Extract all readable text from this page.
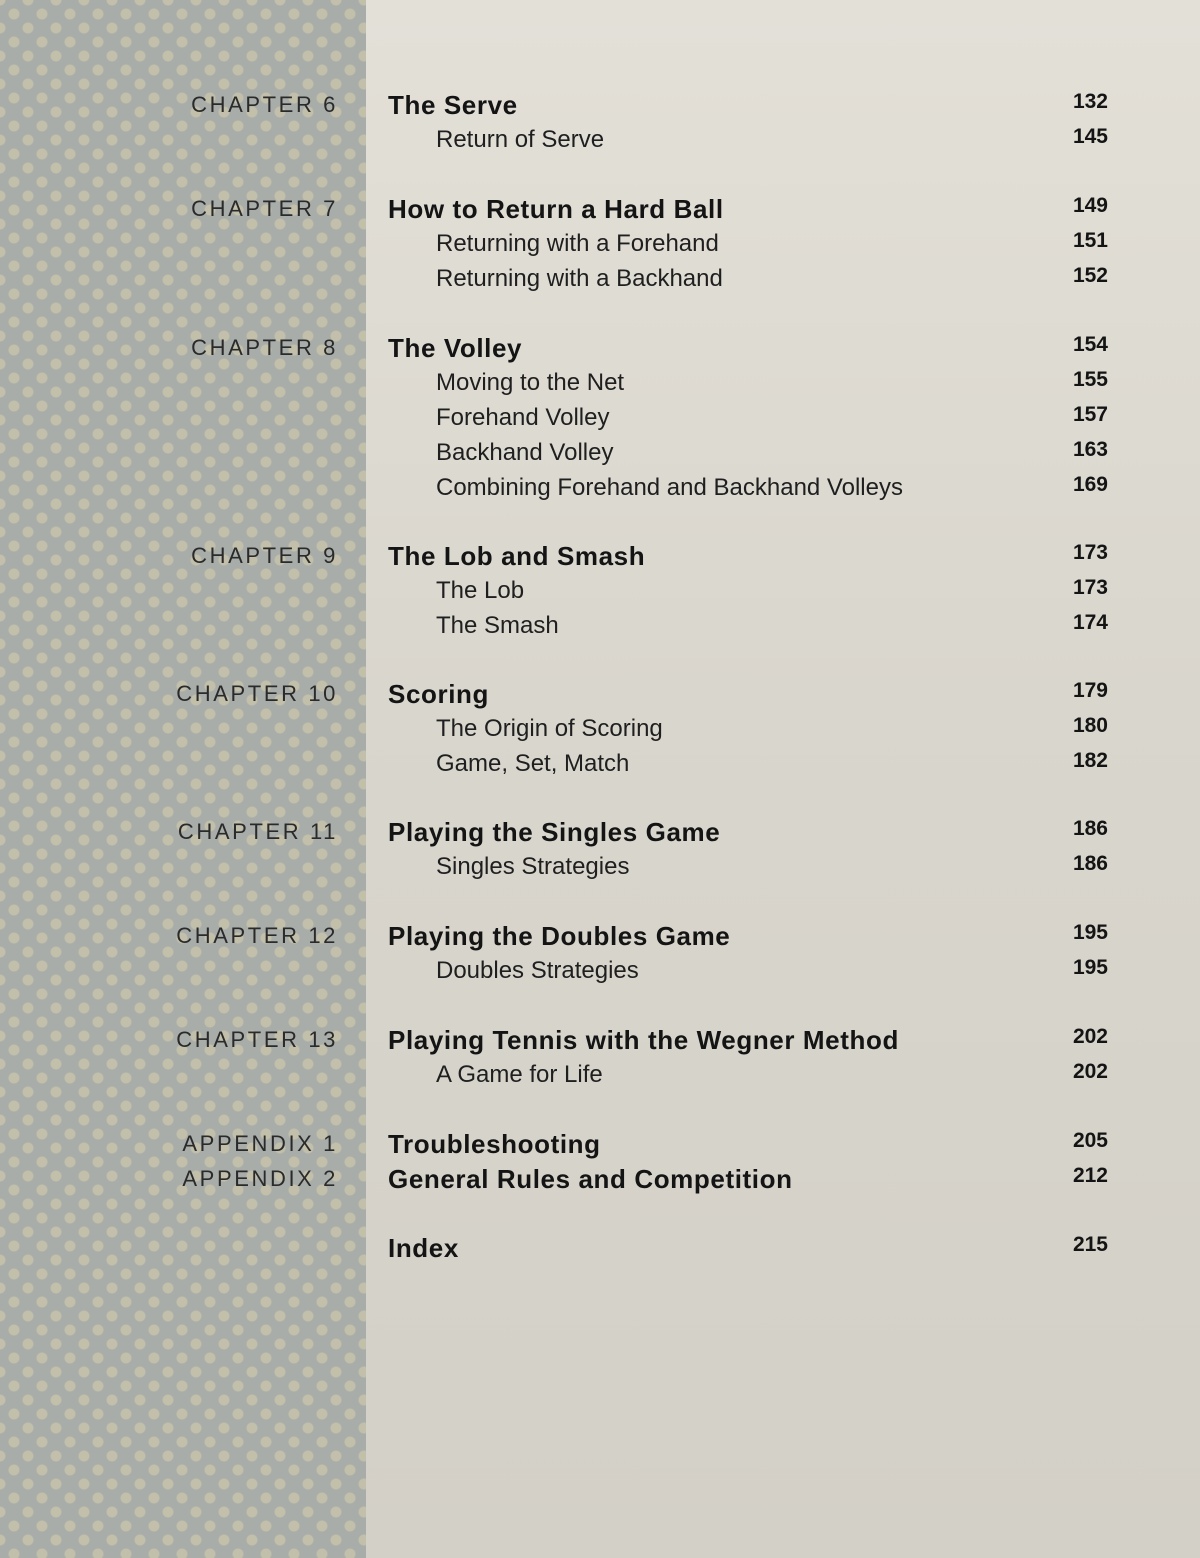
CHAPTER 6 The Serve	132
Return of Serve	145
CHAPTER 7 How to Return a Hard Ball	149
Returning with a Forehand	151
Returning with a Backhand	152
CHAPTER 8 The Volley	154
Moving to the Net	155
Forehand Volley	157
Backhand Volley	163
Combining Forehand and Backhand Volleys	169
CHAPTER 9 The Lob and Smash	173
The Lob	173
The Smash	174
CHAPTER 10 Scoring	179
The Origin of Scoring	180
Game, Set, Match	182
CHAPTER 11 Playing the Singles Game	186
Singles Strategies	186
CHAPTER 12 Playing the Doubles Game	195
Doubles Strategies	195
CHAPTER 13 Playing Tennis with the Wegner Method	202
A Game for Life	202
APPENDIX 1 Troubleshooting	205
APPENDIX 2 General Rules and Competition	212
Index	215
